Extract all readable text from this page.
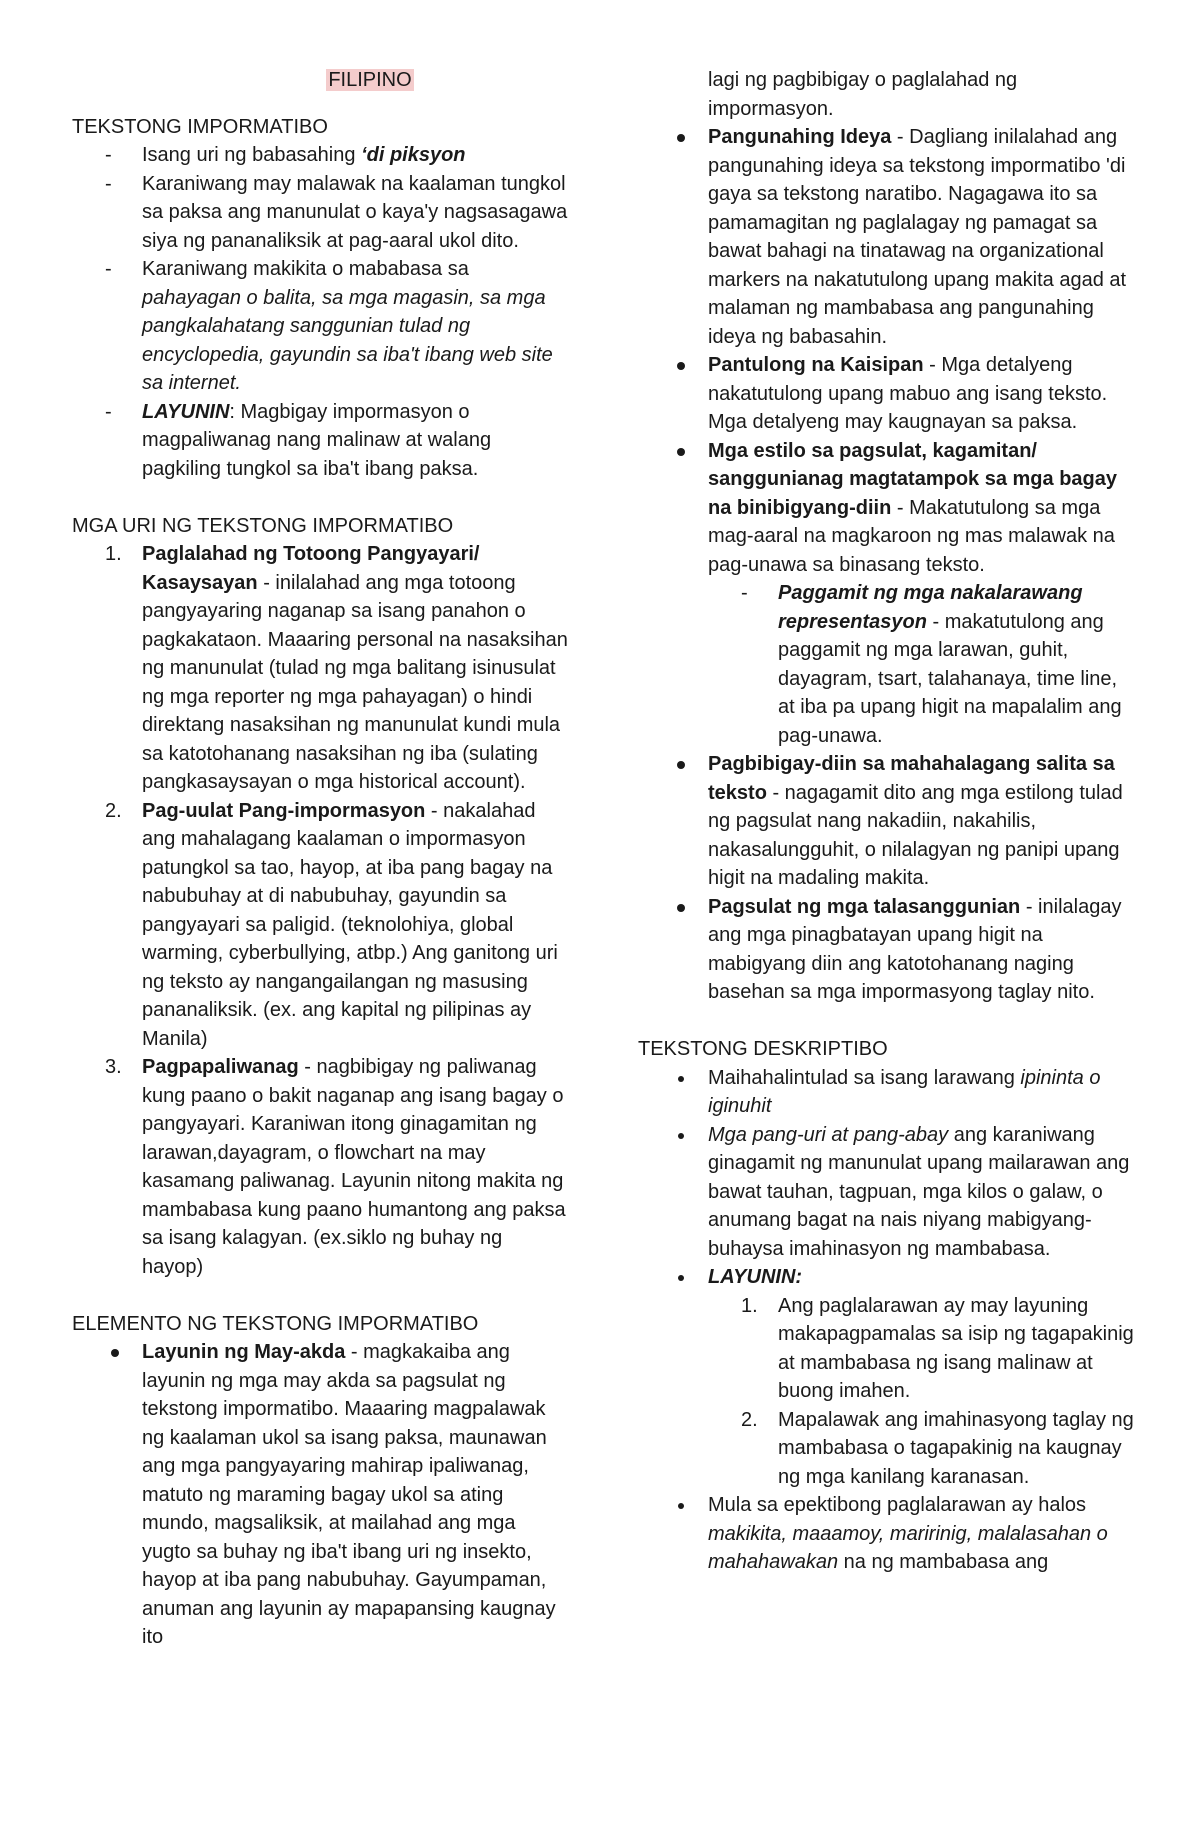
FILIPINO

TEKSTONG IMPORMATIBO

- Isang uri ng babasahing ‘di piksyon
- Karaniwang may malawak na kaalaman tungkol sa paksa ang manunulat o kaya'y nagsasagawa siya ng pananaliksik at pag-aaral ukol dito.
- Karaniwang makikita o mababasa sa pahayagan o balita, sa mga magasin, sa mga pangkalahatang sanggunian tulad ng encyclopedia, gayundin sa iba't ibang web site sa internet.
- LAYUNIN: Magbigay impormasyon o magpaliwanag nang malinaw at walang pagkiling tungkol sa iba't ibang paksa.

MGA URI NG TEKSTONG IMPORMATIBO

1. Paglalahad ng Totoong Pangyayari/ Kasaysayan - inilalahad ang mga totoong pangyayaring naganap sa isang panahon o pagkakataon. Maaaring personal na nasaksihan ng manunulat (tulad ng mga balitang isinusulat ng mga reporter ng mga pahayagan) o hindi direktang nasaksihan ng manunulat kundi mula sa katotohanang nasaksihan ng iba (sulating pangkasaysayan o mga historical account).
2. Pag-uulat Pang-impormasyon - nakalahad ang mahalagang kaalaman o impormasyon patungkol sa tao, hayop, at iba pang bagay na nabubuhay at di nabubuhay, gayundin sa pangyayari sa paligid. (teknolohiya, global warming, cyberbullying, atbp.) Ang ganitong uri ng teksto ay nangangailangan ng masusing pananaliksik. (ex. ang kapital ng pilipinas ay Manila)
3. Pagpapaliwanag - nagbibigay ng paliwanag kung paano o bakit naganap ang isang bagay o pangyayari. Karaniwan itong ginagamitan ng larawan,dayagram, o flowchart na may kasamang paliwanag. Layunin nitong makita ng mambabasa kung paano humantong ang paksa sa isang kalagyan. (ex.siklo ng buhay ng hayop)

ELEMENTO NG TEKSTONG IMPORMATIBO

Layunin ng May-akda - magkakaiba ang layunin ng mga may akda sa pagsulat ng tekstong impormatibo. Maaaring magpalawak ng kaalaman ukol sa isang paksa, maunawan ang mga pangyayaring mahirap ipaliwanag, matuto ng maraming bagay ukol sa ating mundo, magsaliksik, at mailahad ang mga yugto sa buhay ng iba't ibang uri ng insekto, hayop at iba pang nabubuhay. Gayumpaman, anuman ang layunin ay mapapansing kaugnay ito
lagi ng pagbibigay o paglalahad ng impormasyon.
Pangunahing Ideya - Dagliang inilalahad ang pangunahing ideya sa tekstong impormatibo 'di gaya sa tekstong naratibo. Nagagawa ito sa pamamagitan ng paglalagay ng pamagat sa bawat bahagi na tinatawag na organizational markers na nakatutulong upang makita agad at malaman ng mambabasa ang pangunahing ideya ng babasahin.
Pantulong na Kaisipan - Mga detalyeng nakatutulong upang mabuo ang isang teksto. Mga detalyeng may kaugnayan sa paksa.
Mga estilo sa pagsulat, kagamitan/ sanggunianag magtatampok sa mga bagay na binibigyang-diin - Makatutulong sa mga mag-aaral na magkaroon ng mas malawak na pag-unawa sa binasang teksto.
- Paggamit ng mga nakalarawang representasyon - makatutulong ang paggamit ng mga larawan, guhit, dayagram, tsart, talahanaya, time line, at iba pa upang higit na mapalalim ang pag-unawa.
Pagbibigay-diin sa mahahalagang salita sa teksto - nagagamit dito ang mga estilong tulad ng pagsulat nang nakadiin, nakahilis, nakasalungguhit, o nilalagyan ng panipi upang higit na madaling makita.
Pagsulat ng mga talasanggunian - inilalagay ang mga pinagbatayan upang higit na mabigyang diin ang katotohanang naging basehan sa mga impormasyong taglay nito.

TEKSTONG DESKRIPTIBO

Maihahalintulad sa isang larawang ipininta o iginuhit
Mga pang-uri at pang-abay ang karaniwang ginagamit ng manunulat upang mailarawan ang bawat tauhan, tagpuan, mga kilos o galaw, o anumang bagat na nais niyang mabigyang-buhaysa imahinasyon ng mambabasa.
LAYUNIN:
1. Ang paglalarawan ay may layuning makapagpamalas sa isip ng tagapakinig at mambabasa ng isang malinaw at buong imahen.
2. Mapalawak ang imahinasyong taglay ng mambabasa o tagapakinig na kaugnay ng mga kanilang karanasan.
Mula sa epektibong paglalarawan ay halos makikita, maaamoy, maririnig, malalasahan o mahahawakan na ng mambabasa ang
